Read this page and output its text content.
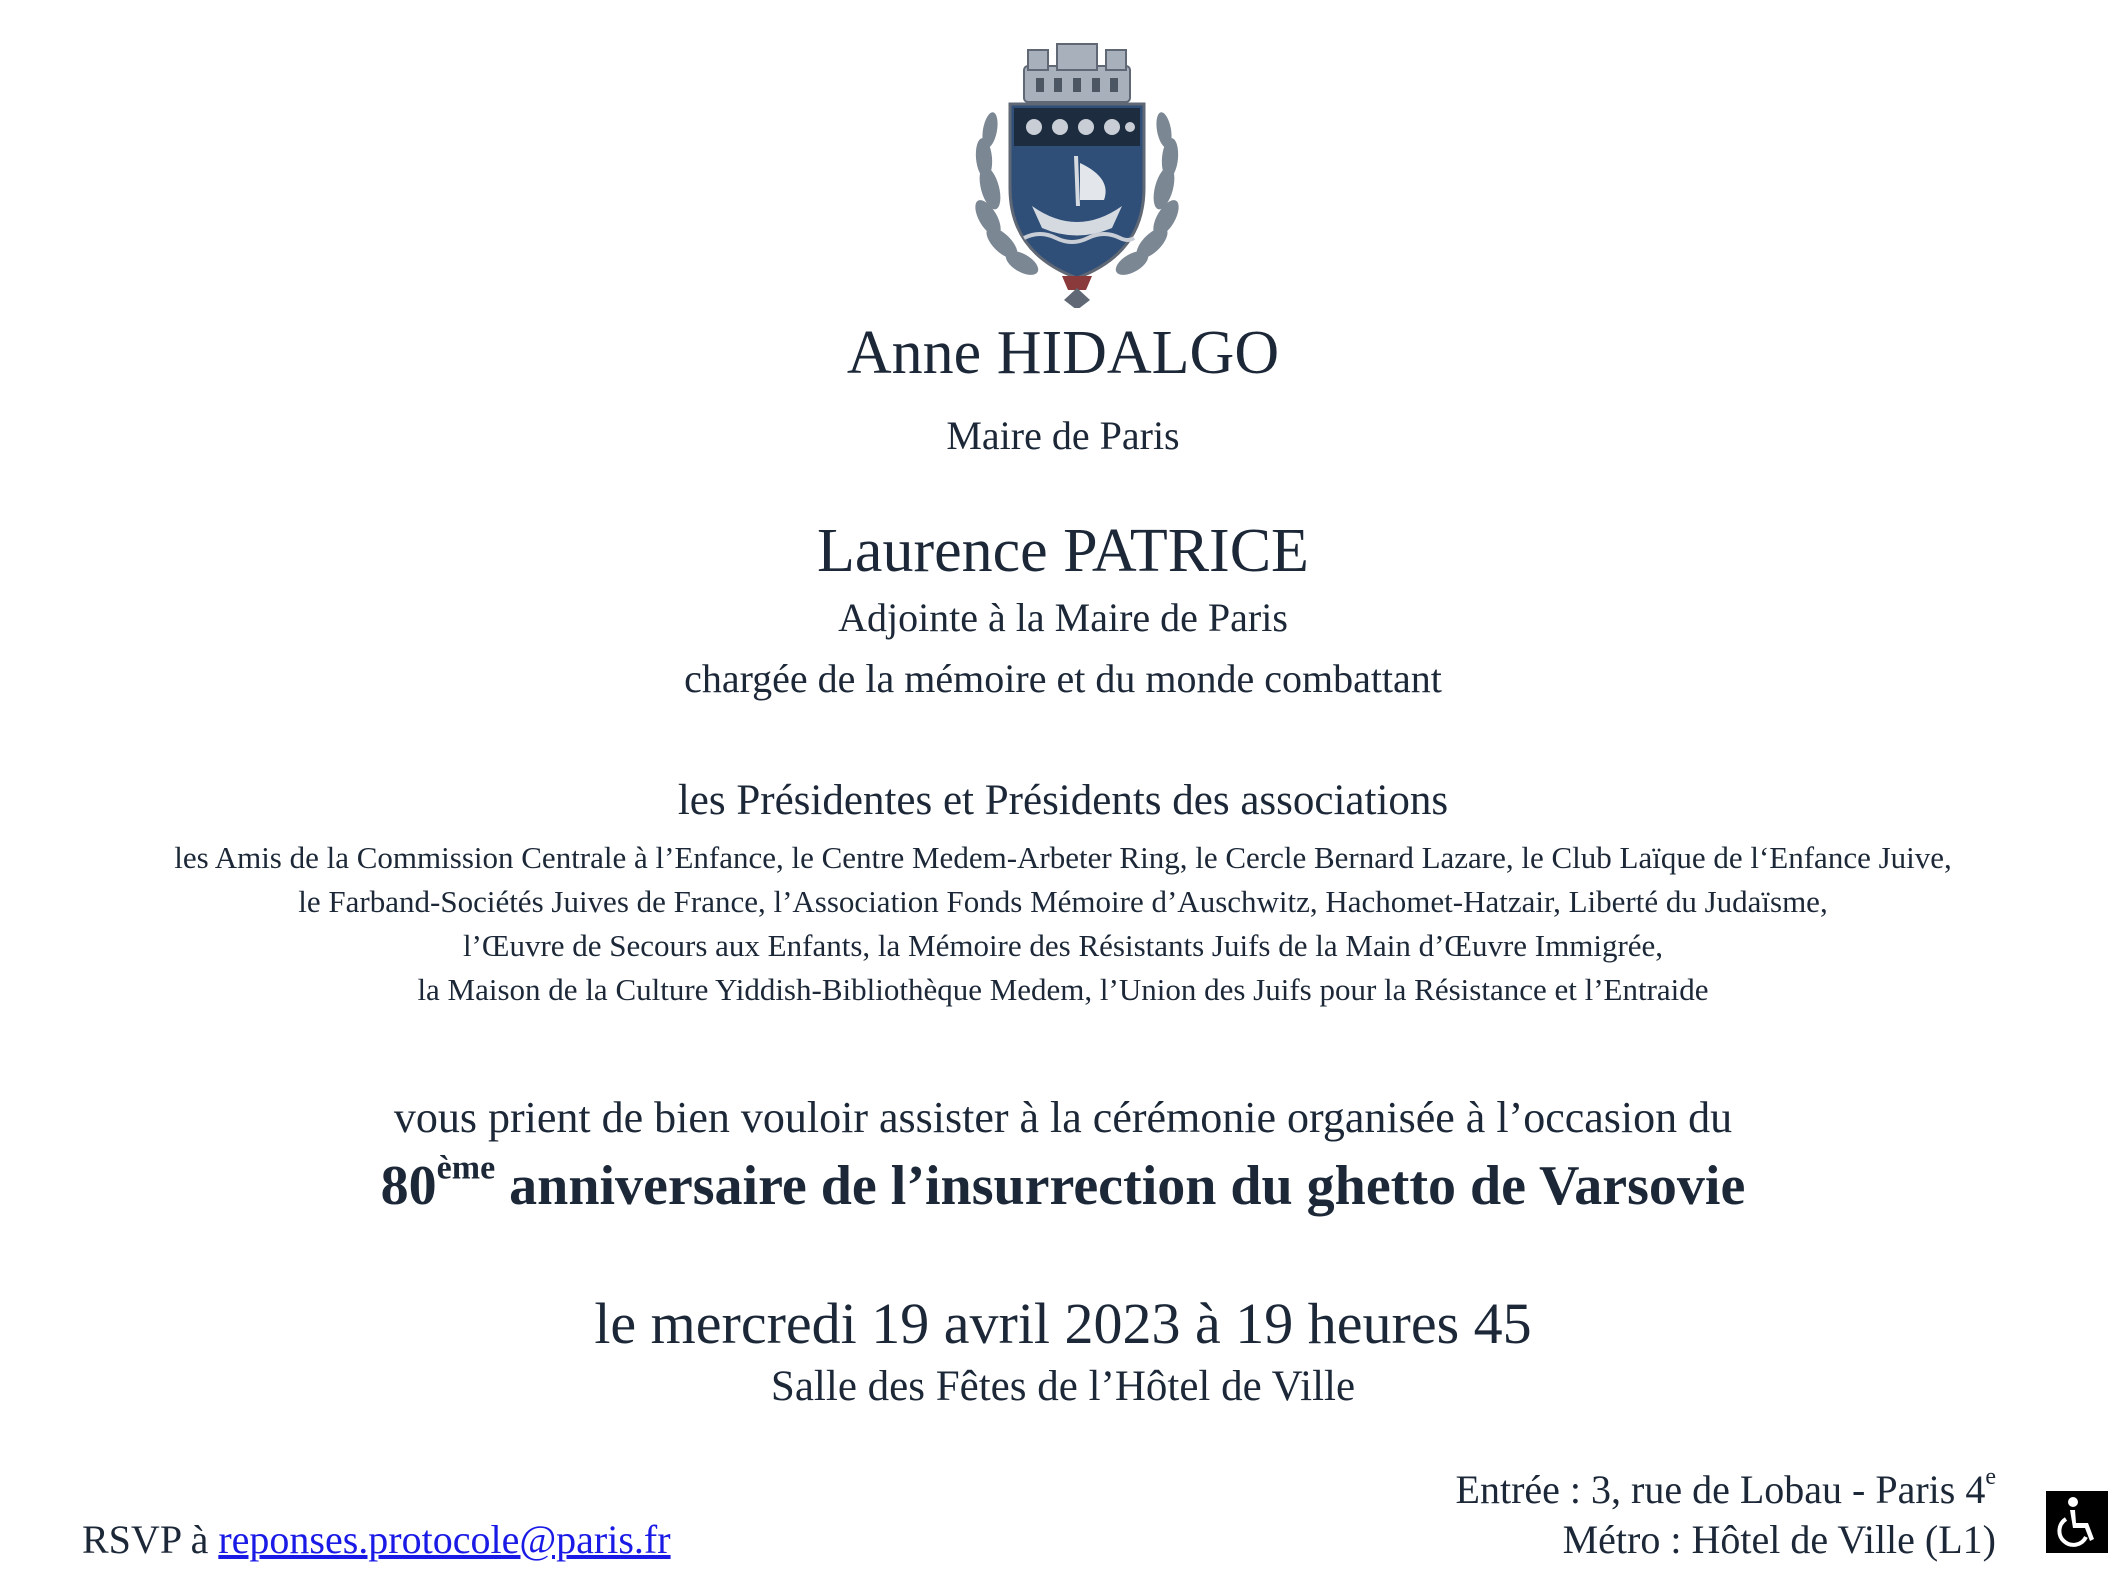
Anne HIDALGO
Maire de Paris
Laurence PATRICE
Adjointe à la Maire de Paris
chargée de la mémoire et du monde combattant
les Présidentes et Présidents des associations
les Amis de la Commission Centrale à l’Enfance, le Centre Medem-Arbeter Ring, le Cercle Bernard Lazare, le Club Laïque de l‘Enfance Juive,
le Farband-Sociétés Juives de France, l’Association Fonds Mémoire d’Auschwitz, Hachomet-Hatzair, Liberté du Judaïsme,
l’Œuvre de Secours aux Enfants, la Mémoire des Résistants Juifs de la Main d’Œuvre Immigrée,
la Maison de la Culture Yiddish-Bibliothèque Medem, l’Union des Juifs pour la Résistance et l’Entraide
vous prient de bien vouloir assister à la cérémonie organisée à l’occasion du
80ème anniversaire de l’insurrection du ghetto de Varsovie
le mercredi 19 avril 2023 à 19 heures 45
Salle des Fêtes de l’Hôtel de Ville
RSVP à reponses.protocole@paris.fr
Entrée : 3, rue de Lobau - Paris 4e
Métro : Hôtel de Ville (L1)
